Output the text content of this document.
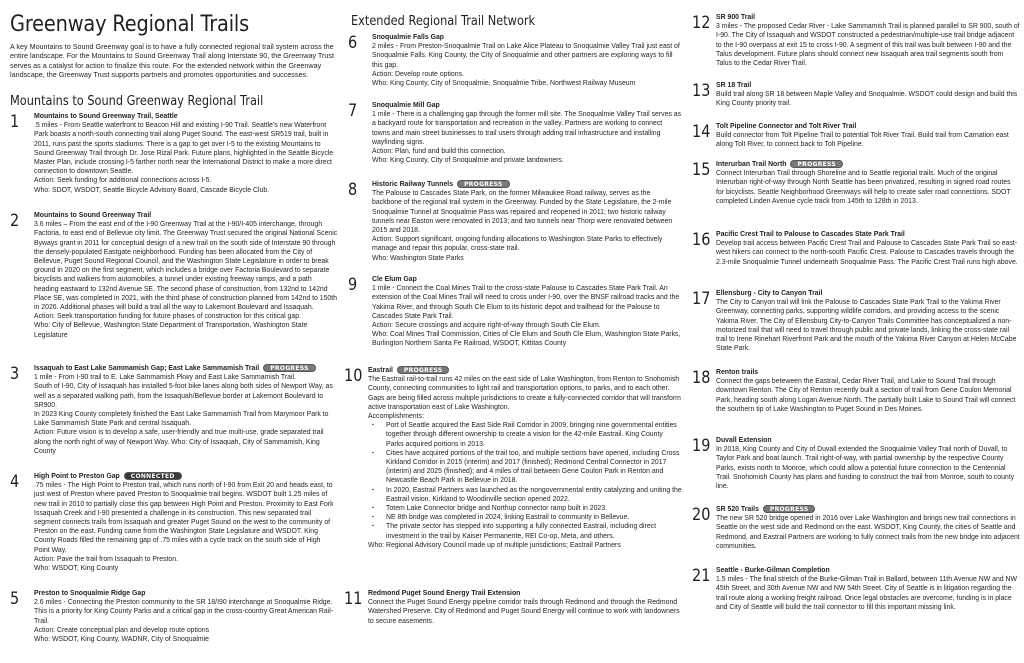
Greenway Regional Trails

A key Mountains to Sound Greenway goal is to have a fully connected regional trail system across the entire landscape. For the Mountains to Sound Greenway Trail along Interstate 90, the Greenway Trust serves as a catalyst for action to finalize this route. For the extended network within the Greenway landscape, the Greenway Trust supports partners and promotes opportunities and successes.

Mountains to Sound Greenway Regional Trail
Extended Regional Trail Network
1 Mountains to Sound Greenway Trail, Seattle

.5 miles - From Seattle waterfront to Beacon Hill and existing I-90 Trail. Seattle's new Waterfront Park boasts a north-south connecting trail along Puget Sound. The east-west SR519 trail, built in 2011, runs past the sports stadiums. There is a gap to get over I-5 to the existing Mountains to Sound Greenway Trail through Dr. Jose Rizal Park. Future plans, highlighted in the Seattle Bicycle Master Plan, include crossing I-5 farther north near the International District to make a more direct connection to downtown Seattle.

Action: Seek funding for additional connections across I-5.

Who: SDOT, WSDOT, Seattle Bicycle Advisory Board, Cascade Bicycle Club.

2 Mountains to Sound Greenway Trail

3.6 miles – From the east end of the I-90 Greenway Trail at the I-90/I-405 interchange, through Factoria, to east end of Bellevue city limit. The Greenway Trust secured the original National Scenic Byways grant in 2011 for conceptual design of a new trail on the south side of Interstate 90 through the densely-populated Eastgate neighborhood. Funding has been allocated from the City of Bellevue, Puget Sound Regional Council, and the Washington State Legislature in order to break ground in 2020 on the first segment, which includes a bridge over Factoria Boulevard to separate bicyclists and walkers from automobiles, a tunnel under existing freeway ramps, and a path heading eastward to 132nd Avenue SE. The second phase of construction, from 132nd to 142nd Place SE, was completed in 2021, with the third phase of construction planned from 142nd to 150th in 2026. Additional phases will build a trail all the way to Lakemont Boulevard and Issaquah.

Action: Seek transportation funding for future phases of construction for this critical gap.

Who: City of Bellevue, Washington State Department of Transportation, Washington State Legislature

3 Issaquah to East Lake Sammamish Gap; East Lake Sammamish Trail PROGRESS

1 mile - From I-90 trail to E. Lake Sammamish Pkwy and East Lake Sammamish Trail.

South of I-90, City of Issaquah has installed 5-foot bike lanes along both sides of Newport Way, as well as a separated walking path, from the Issaquah/Bellevue border at Lakemont Boulevard to SR900.

In 2023 King County completely finished the East Lake Sammamish Trail from Marymoor Park to Lake Sammamish State Park and central Issaquah.

Action: Future vision is to develop a safe, user-friendly and true multi-use, grade separated trail along the north right of way of Newport Way. Who: City of Issaquah, City of Sammamish, King County

4 High Point to Preston Gap CONNECTED

.75 miles - The High Point to Preston trail, which runs north of I-90 from Exit 20 and heads east, to just west of Preston where paved Preston to Snoqualmie trail begins. WSDOT built 1.25 miles of new trail in 2010 to partially close this gap between High Point and Preston. Proximity to East Fork Issaquah Creek and I-90 presented a challenge in its construction. This new separated trail segment connects trails from Issaquah and greater Puget Sound on the west to the community of Preston on the east. Funding came from the Washington State Legislature and WSDOT. King County Roads filled the remaining gap of .75 miles with a cycle track on the south side of High Point Way.

Action: Pave the trail from Issaquah to Preston.

Who: WSDOT, King County

5 Preston to Snoqualmie Ridge Gap

2.6 miles - Connecting the Preston community to the SR 18/I90 interchange at Snoqualmie Ridge. This is a priority for King County Parks and a critical gap in the cross-country Great American Rail-Trail.

Action: Create conceptual plan and develop route options

Who: WSDOT, King County, WADNR, City of Snoqualmie

6 Snoqualmie Falls Gap

2 miles - From Preston-Snoqualmie Trail on Lake Alice Plateau to Snoqualmie Valley Trail just east of Snoqualmie Falls. King County, the City of Snoqualmie and other partners are exploring ways to fill this gap.

Action: Develop route options.

Who: King County, City of Snoqualmie, Snoqualmie Tribe, Northwest Railway Museum

7 Snoqualmie Mill Gap

1 mile - There is a challenging gap through the former mill site. The Snoqualmie Valley Trail serves as a backyard route for transportation and recreation in the valley. Partners are working to connect towns and main street businesses to trail users through adding trail infrastructure and installing wayfinding signs.

Action: Plan, fund and build this connection.

Who: King County, City of Snoqualmie and private landowners.

8 Historic Railway Tunnels PROGRESS

The Palouse to Cascades State Park, on the former Milwaukee Road railway, serves as the backbone of the regional trail system in the Greenway. Funded by the State Legislature, the 2-mile Snoqualmie Tunnel at Snoqualmie Pass was repaired and reopened in 2011; two historic railway tunnels near Easton were renovated in 2013; and two tunnels near Thorp were renovated between 2015 and 2018.

Action: Support significant, ongoing funding allocations to Washington State Parks to effectively manage and repair this popular, cross-state trail.

Who: Washington State Parks

9 Cle Elum Gap

1 mile - Connect the Coal Mines Trail to the cross-state Palouse to Cascades State Park Trail. An extension of the Coal Mines Trail will need to cross under I-90, over the BNSF railroad tracks and the Yakima River, and through South Cle Elum to its historic depot and trailhead for the Palouse to Cascades State Park Trail.

Action: Secure crossings and acquire right-of-way through South Cle Elum.

Who: Coal Mines Trail Commission, Cities of Cle Elum and South Cle Elum, Washington State Parks, Burlington Northern Santa Fe Railroad, WSDOT, Kittitas County

10 Eastrail PROGRESS

The Eastrail rail-to-trail runs 42 miles on the east side of Lake Washington, from Renton to Snohomish County, connecting communities to light rail and transportation options, to parks, and to each other. Gaps are being filled across multiple jurisdictions to create a fully-connected corridor that will transform active transportation east of Lake Washington.

Accomplishments:

▪ Port of Seattle acquired the East Side Rail Corridor in 2009, bringing nine governmental entities together through different ownership to create a vision for the 42-mile Eastrail. King County Parks acquired portions in 2013.
▪ Cities have acquired portions of the trail too, and multiple sections have opened, including Cross Kirkland Corridor in 2015 (interim) and 2017 (finished); Redmond Central Connector in 2017 (interim) and 2025 (finished); and 4 miles of trail between Gene Coulon Park in Renton and Newcastle Beach Park in Bellevue in 2018.
▪ In 2020, Eastrail Partners was launched as the nongovernmental entity catalyzing and uniting the Eastrail vision. Kirkland to Woodinville section opened 2022.
▪ Totem Lake Connector bridge and Northup connector ramp built in 2023.
▪ NE 8th bridge was completed in 2024, linking Eastrail to community in Bellevue.
▪ The private sector has stepped into supporting a fully connected Eastrail, including direct investment in the trail by Kaiser Permanente, REI Co-op, Meta, and others.

Who: Regional Advisory Council made up of multiple jurisdictions; Eastrail Partners

11 Redmond Puget Sound Energy Trail Extension

Connect the Puget Sound Energy pipeline corridor trails through Redmond and through the Redmond Watershed Preserve. City of Redmond and Puget Sound Energy will continue to work with landowners to secure easements.

12 SR 900 Trail

3 miles - The proposed Cedar River - Lake Sammamish Trail is planned parallel to SR 900, south of I-90. The City of Issaquah and WSDOT constructed a pedestrian/multiple-use trail bridge adjacent to the I-90 overpass at exit 15 to cross I-90. A segment of this trail was built between I-90 and the Talus development. Future plans should connect new Issaquah area trail segments south from Talus to the Cedar River Trail.

13 SR 18 Trail

Build trail along SR 18 between Maple Valley and Snoqualmie. WSDOT could design and build this King County priority trail.

14 Tolt Pipeline Connector and Tolt River Trail

Build connector from Tolt Pipeline Trail to potential Tolt River Trail. Build trail from Carnation east along Tolt River, to connect back to Tolt Pipeline.

15 Interurban Trail North PROGRESS

Connect Interurban Trail through Shoreline and to Seattle regional trails. Much of the original Interurban right-of-way through North Seattle has been privatized, resulting in signed road routes for bicyclists. Seattle Neighborhood Greenways will help to create safer road connections. SDOT completed Linden Avenue cycle track from 145th to 128th in 2013.

16 Pacific Crest Trail to Palouse to Cascades State Park Trail

Develop trail access between Pacific Crest Trail and Palouse to Cascades State Park Trail so east-west hikers can connect to the north-south Pacific Crest. Palouse to Cascades travels through the 2.3-mile Snoqualmie Tunnel underneath Snoqualmie Pass. The Pacific Crest Trail runs high above.

17 Ellensburg - City to Canyon Trail

The City to Canyon trail will link the Palouse to Cascades State Park Trail to the Yakima River Greenway, connecting parks, supporting wildlife corridors, and providing access to the scenic Yakima River. The City of Ellensburg City-to-Canyon Trails Committee has conceptualized a non-motorized trail that will need to travel through public and private lands, linking the cross-state rail trail to Irene Rinehart Riverfront Park and the mouth of the Yakima River Canyon at Helen McCabe State Park.

18 Renton trails

Connect the gaps beteween the Eastrail, Cedar River Trail, and Lake to Sound Trail through downtown Renton. The City of Renton recently built a section of trail from Gene Coulon Memorial Park, heading south along Logan Avenue North. The partially built Lake to Sound Trail will connect the southern tip of Lake Washington to Puget Sound in Des Moines.

19 Duvall Extension

In 2018, King County and City of Duvall extended the Snoqualmie Valley Trail north of Duvall, to Taylor Park and boat launch. Trail right-of-way, with partial ownership by the respective County Parks, exists north to Monroe, which could allow a potential future connection to the Centennial Trail. Snohomish County has plans and funding to construct the trail from Monroe, south to county line.

20 SR 520 Trails PROGRESS

The new SR 520 bridge opened in 2016 over Lake Washington and brings new trail connections in Seattle on the west side and Redmond on the east. WSDOT, King County, the cities of Seattle and Redmond, and Eastrail Partners are working to fully connect trails from the new bridge into adjacent communities.

21 Seattle - Burke-Gilman Completion

1.5 miles - The final stretch of the Burke-Gilman Trail in Ballard, between 11th Avenue NW and NW 45th Street, and 30th Avenue NW and NW 54th Street. City of Seattle is in litigation regarding the trail route along a working freight railroad. Once legal obstacles are overcome, funding is in place and City of Seattle will build the trail connector to fill this important missing link.
